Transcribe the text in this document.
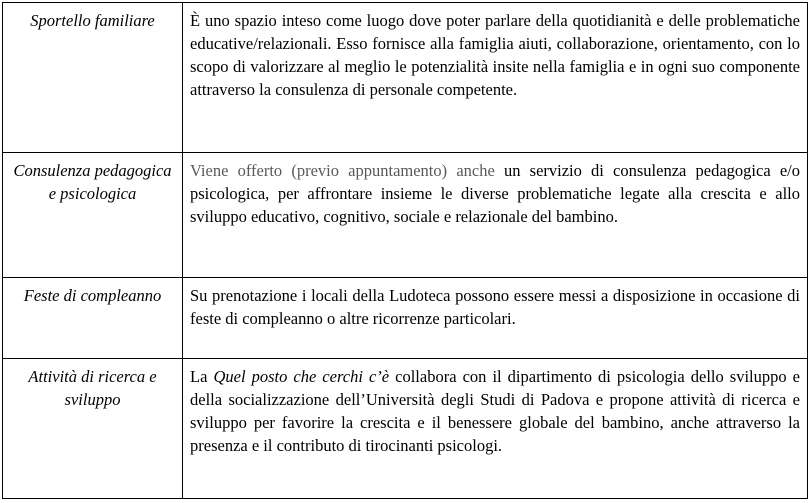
Sportello familiare	È uno spazio inteso come luogo dove poter parlare della quotidianità e delle problematiche educative/relazionali. Esso fornisce alla famiglia aiuti, collaborazione, orientamento, con lo scopo di valorizzare al meglio le potenzialità insite nella famiglia e in ogni suo componente attraverso la consulenza di personale competente.
Consulenza pedagogica e psicologica	Viene offerto (previo appuntamento) anche un servizio di consulenza pedagogica e/o psicologica, per affrontare insieme le diverse problematiche legate alla crescita e allo sviluppo educativo, cognitivo, sociale e relazionale del bambino.
Feste di compleanno	Su prenotazione i locali della Ludoteca possono essere messi a disposizione in occasione di feste di compleanno o altre ricorrenze particolari.
Attività di ricerca e sviluppo	La Quel posto che cerchi c’è collabora con il dipartimento di psicologia dello sviluppo e della socializzazione dell’Università degli Studi di Padova e propone attività di ricerca e sviluppo per favorire la crescita e il benessere globale del bambino, anche attraverso la presenza e il contributo di tirocinanti psicologi.
